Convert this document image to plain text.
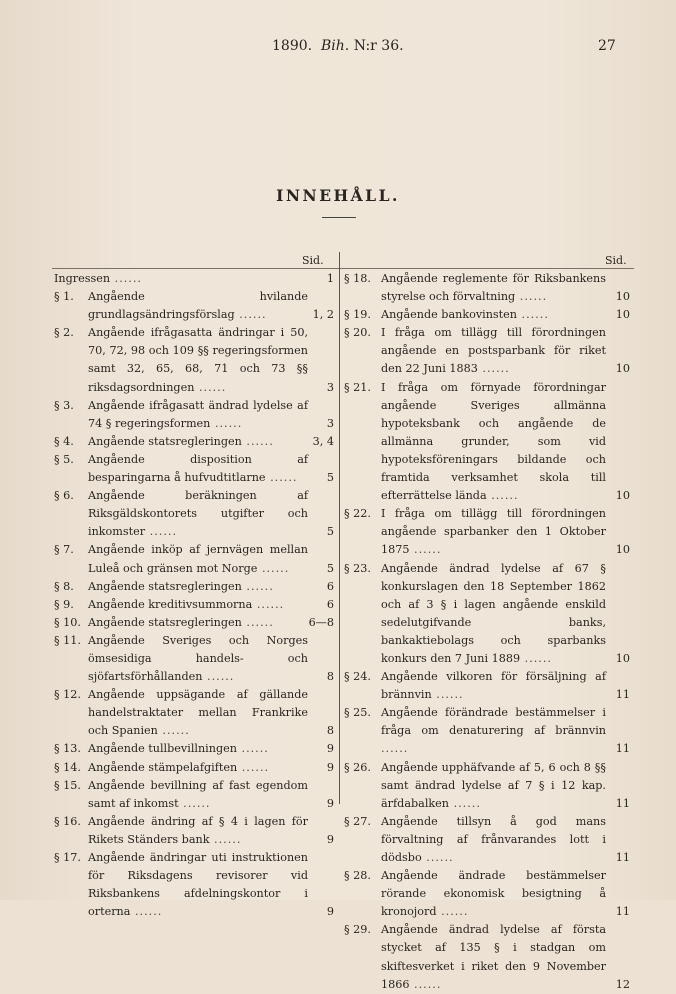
1890. Bih. N:r 36.	27
INNEHÅLL.
Sid.	Sid.
Ingressen ......	1
§ 1.	Angående hvilande grundlagsändringsförslag ......	1, 2
§ 2.	Angående ifrågasatta ändringar i 50, 70, 72, 98 och 109 §§ regeringsformen samt 32, 65, 68, 71 och 73 §§ riksdagsordningen ......	3
§ 3.	Angående ifrågasatt ändrad lydelse af 74 § regeringsformen ......	3
§ 4.	Angående statsregleringen ......	3, 4
§ 5.	Angående disposition af besparingarna å hufvudtitlarne ......	5
§ 6.	Angående beräkningen af Riksgäldskontorets utgifter och inkomster ......	5
§ 7.	Angående inköp af jernvägen mellan Luleå och gränsen mot Norge ......	5
§ 8.	Angående statsregleringen ......	6
§ 9.	Angående kreditivsummorna ......	6
§ 10. Angående statsregleringen ......	6—8
§ 11. Angående Sveriges och Norges ömsesidiga handels- och sjöfartsförhållanden ......	8
§ 12. Angående uppsägande af gällande handelstraktater mellan Frankrike och Spanien ......	8
§ 13. Angående tullbevillningen ......	9
§ 14. Angående stämpelafgiften ......	9
§ 15. Angående bevillning af fast egendom samt af inkomst ......	9
§ 16. Angående ändring af § 4 i lagen för Rikets Ständers bank ......	9
§ 17. Angående ändringar uti instruktionen för Riksdagens revisorer vid Riksbankens afdelningskontor i orterna ......	9
§ 18. Angående reglemente för Riksbankens styrelse och förvaltning ......	10
§ 19. Angående bankovinsten ......	10
§ 20. I fråga om tillägg till förordningen angående en postsparbank för riket den 22 Juni 1883 ......	10
§ 21. I fråga om förnyade förordningar angående Sveriges allmänna hypoteksbank och angående de allmänna grunder, som vid hypoteksföreningars bildande och framtida verksamhet skola till efterrättelse lända ......	10
§ 22. I fråga om tillägg till förordningen angående sparbanker den 1 Oktober 1875 ......	10
§ 23. Angående ändrad lydelse af 67 § konkurslagen den 18 September 1862 och af 3 § i lagen angående enskild sedelutgifvande banks, bankaktiebolags och sparbanks konkurs den 7 Juni 1889 ......	10
§ 24. Angående vilkoren för försäljning af brännvin ......	11
§ 25. Angående förändrade bestämmelser i fråga om denaturering af brännvin ......	11
§ 26. Angående upphäfvande af 5, 6 och 8 §§ samt ändrad lydelse af 7 § i 12 kap. ärfdabalken ......	11
§ 27. Angående tillsyn å god mans förvaltning af frånvarandes lott i dödsbo ......	11
§ 28. Angående ändrade bestämmelser rörande ekonomisk besigtning å kronojord ......	11
§ 29. Angående ändrad lydelse af första stycket af 135 § i stadgan om skiftesverket i riket den 9 November 1866 ......	12
